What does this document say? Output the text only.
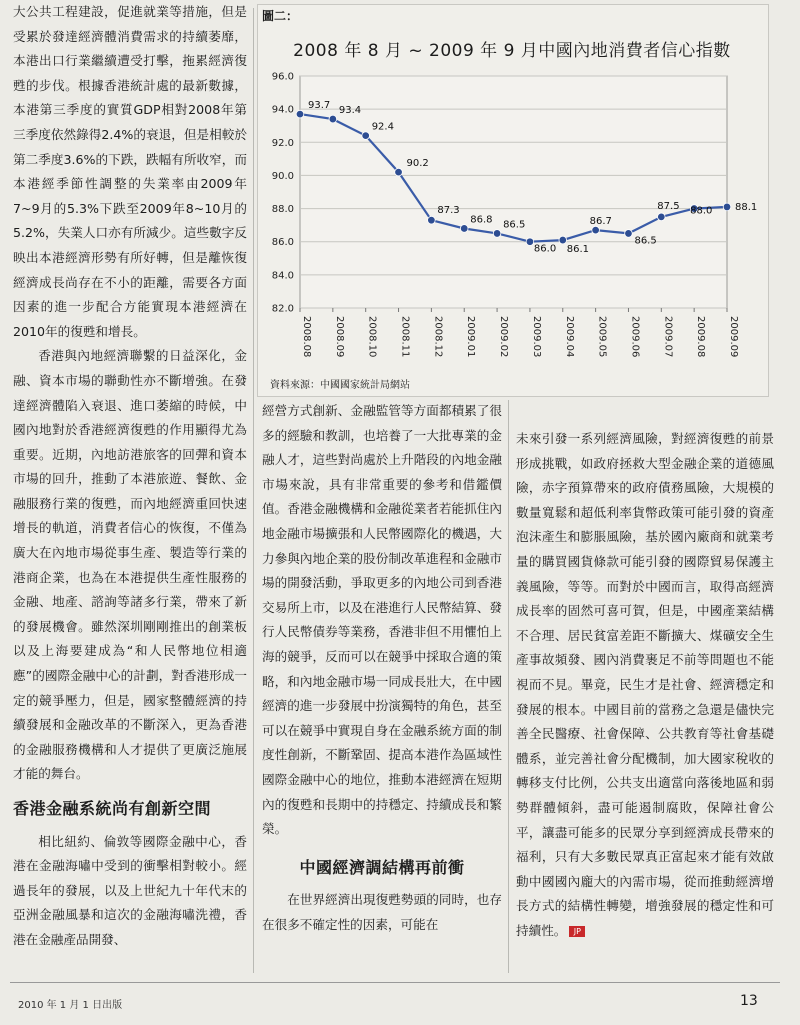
大公共工程建設，促進就業等措施，但是受累於發達經濟體消費需求的持續萎靡，本港出口行業繼續遭受打擊，拖累經濟復甦的步伐。根據香港統計處的最新數據，本港第三季度的實質GDP相對2008年第三季度依然錄得2.4%的衰退，但是相較於第二季度3.6%的下跌，跌幅有所收窄，而本港經季節性調整的失業率由2009年7~9月的5.3%下跌至2009年8~10月的5.2%，失業人口亦有所減少。這些數字反映出本港經濟形勢有所好轉，但是離恢復經濟成長尚存在不小的距離，需要各方面因素的進一步配合方能實現本港經濟在2010年的復甦和增長。

香港與內地經濟聯繫的日益深化，金融、資本市場的聯動性亦不斷增強。在發達經濟體陷入衰退、進口萎縮的時候，中國內地對於香港經濟復甦的作用顯得尤為重要。近期，內地訪港旅客的回彈和資本市場的回升，推動了本港旅遊、餐飲、金融服務行業的復甦，而內地經濟重回快速增長的軌道，消費者信心的恢復，不僅為廣大在內地市場從事生產、製造等行業的港商企業，也為在本港提供生產性服務的金融、地產、諮詢等諸多行業，帶來了新的發展機會。雖然深圳剛剛推出的創業板以及上海要建成為“和人民幣地位相適應”的國際金融中心的計劃，對香港形成一定的競爭壓力，但是，國家整體經濟的持續發展和金融改革的不斷深入，更為香港的金融服務機構和人才提供了更廣泛施展才能的舞台。

香港金融系統尚有創新空間

相比紐約、倫敦等國際金融中心，香港在金融海嘯中受到的衝擊相對較小。經過長年的發展，以及上世紀九十年代末的亞洲金融風暴和這次的金融海嘯洗禮，香港在金融產品開發、

圖二：
2008 年 8 月 ~ 2009 年 9 月中國內地消費者信心指數
96.0
94.0
92.0
90.0
88.0
86.0
84.0
82.0
2008.08 2008.09 2008.10 2008.11 2008.12 2009.01 2009.02 2009.03 2009.04 2009.05 2009.06 2009.07 2009.08 2009.09
93.7 93.4
92.4
90.2
87.3
86.8 86.5
86.0 86.1
86.7
86.5
87.5 88.0 88.1
資料來源：中國國家統計局網站

經營方式創新、金融監管等方面都積累了很多的經驗和教訓，也培養了一大批專業的金融人才，這些對尚處於上升階段的內地金融市場來說，具有非常重要的參考和借鑑價值。香港金融機構和金融從業者若能抓住內地金融市場擴張和人民幣國際化的機遇，大力參與內地企業的股份制改革進程和金融市場的開發活動，爭取更多的內地公司到香港交易所上市，以及在港進行人民幣結算、發行人民幣債券等業務，香港非但不用懼怕上海的競爭，反而可以在競爭中採取合適的策略，和內地金融市場一同成長壯大，在中國經濟的進一步發展中扮演獨特的角色，甚至可以在競爭中實現自身在金融系統方面的制度性創新，不斷鞏固、提高本港作為區域性國際金融中心的地位，推動本港經濟在短期內的復甦和長期中的持穩定、持續成長和繁榮。

中國經濟調結構再前衝

在世界經濟出現復甦勢頭的同時，也存在很多不確定性的因素，可能在

未來引發一系列經濟風險，對經濟復甦的前景形成挑戰，如政府拯救大型金融企業的道德風險，赤字預算帶來的政府債務風險，大規模的數量寬鬆和超低利率貨幣政策可能引發的資產泡沫產生和膨脹風險，基於國內廠商和就業考量的購買國貨條款可能引發的國際貿易保護主義風險，等等。而對於中國而言，取得高經濟成長率的固然可喜可賀，但是，中國產業結構不合理、居民貧富差距不斷擴大、煤礦安全生產事故頻發、國內消費裹足不前等問題也不能視而不見。畢竟，民生才是社會、經濟穩定和發展的根本。中國目前的當務之急還是儘快完善全民醫療、社會保障、公共教育等社會基礎體系，並完善社會分配機制，加大國家稅收的轉移支付比例，公共支出適當向落後地區和弱勢群體傾斜，盡可能遏制腐敗，保障社會公平，讓盡可能多的民眾分享到經濟成長帶來的福利，只有大多數民眾真正富起來才能有效啟動中國國內龐大的內需市場，從而推動經濟增長方式的結構性轉變，增強發展的穩定性和可持續性。 JP

2010 年 1 月 1 日出版	13
